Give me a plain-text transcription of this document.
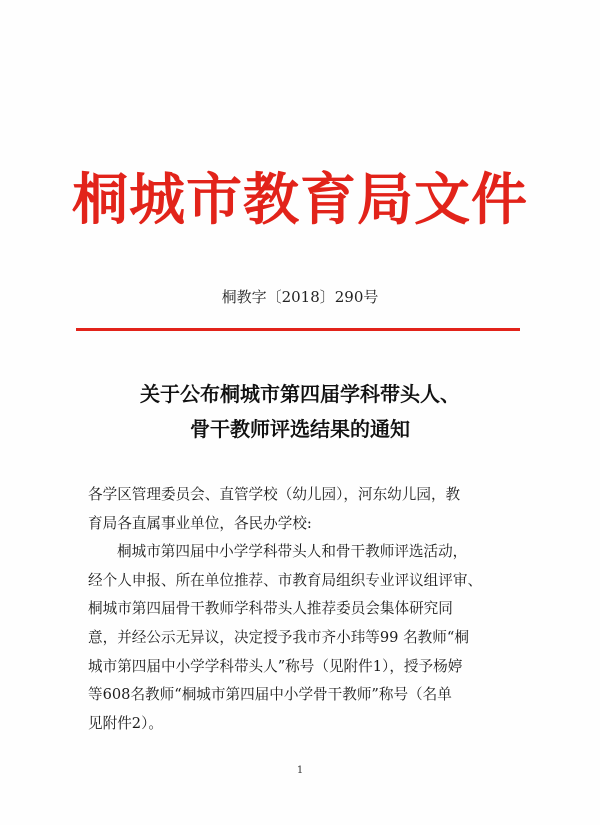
桐城市教育局文件
桐教字〔2018〕290号
关于公布桐城市第四届学科带头人、
骨干教师评选结果的通知
各学区管理委员会、直管学校（幼儿园），河东幼儿园，教
育局各直属事业单位，各民办学校:
桐城市第四届中小学学科带头人和骨干教师评选活动，
经个人申报、所在单位推荐、市教育局组织专业评议组评审、
桐城市第四届骨干教师学科带头人推荐委员会集体研究同
意，并经公示无异议，决定授予我市齐小玮等99 名教师“桐
城市第四届中小学学科带头人”称号（见附件1），授予杨婷
等608名教师“桐城市第四届中小学骨干教师”称号（名单
见附件2）。
1
